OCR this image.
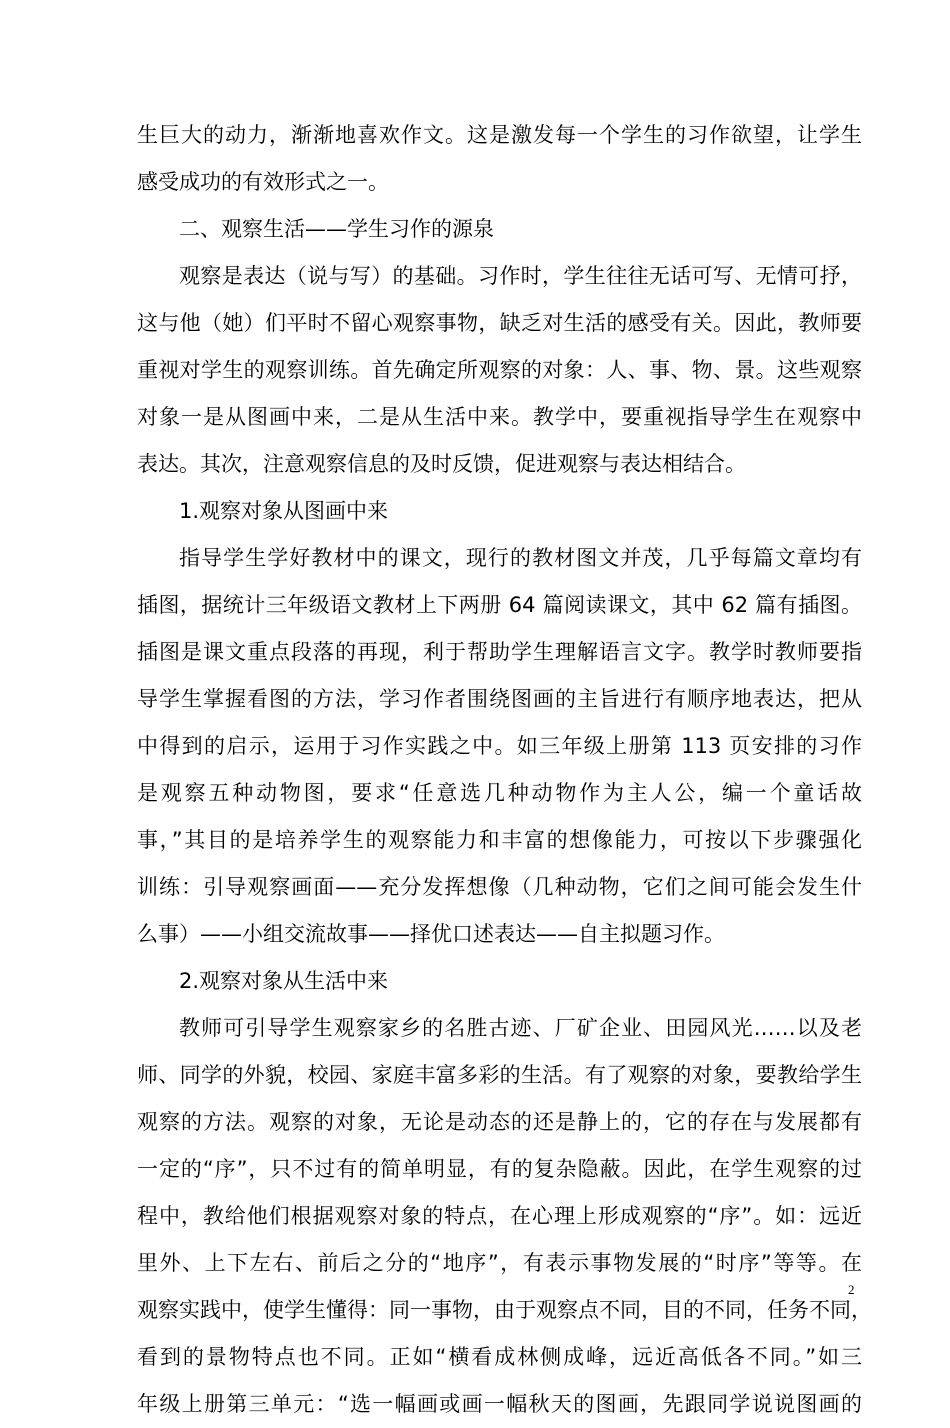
生巨大的动力，渐渐地喜欢作文。这是激发每一个学生的习作欲望，让学生
感受成功的有效形式之一。
二、观察生活——学生习作的源泉
观察是表达（说与写）的基础。习作时，学生往往无话可写、无情可抒，
这与他（她）们平时不留心观察事物，缺乏对生活的感受有关。因此，教师要
重视对学生的观察训练。首先确定所观察的对象：人、事、物、景。这些观察
对象一是从图画中来，二是从生活中来。教学中，要重视指导学生在观察中
表达。其次，注意观察信息的及时反馈，促进观察与表达相结合。
1.观察对象从图画中来
指导学生学好教材中的课文，现行的教材图文并茂，几乎每篇文章均有
插图，据统计三年级语文教材上下两册 64 篇阅读课文，其中 62 篇有插图。
插图是课文重点段落的再现，利于帮助学生理解语言文字。教学时教师要指
导学生掌握看图的方法，学习作者围绕图画的主旨进行有顺序地表达，把从
中得到的启示，运用于习作实践之中。如三年级上册第 113 页安排的习作
是观察五种动物图，要求“任意选几种动物作为主人公，编一个童话故
事，”其目的是培养学生的观察能力和丰富的想像能力，可按以下步骤强化
训练：引导观察画面——充分发挥想像（几种动物，它们之间可能会发生什
么事）——小组交流故事——择优口述表达——自主拟题习作。
2.观察对象从生活中来
教师可引导学生观察家乡的名胜古迹、厂矿企业、田园风光……以及老
师、同学的外貌，校园、家庭丰富多彩的生活。有了观察的对象，要教给学生
观察的方法。观察的对象，无论是动态的还是静上的，它的存在与发展都有
一定的“序”，只不过有的简单明显，有的复杂隐蔽。因此，在学生观察的过
程中，教给他们根据观察对象的特点，在心理上形成观察的“序”。如：远近
里外、上下左右、前后之分的“地序”，有表示事物发展的“时序”等等。在
观察实践中，使学生懂得：同一事物，由于观察点不同，目的不同，任务不同，
看到的景物特点也不同。正如“横看成林侧成峰，远近高低各不同。”如三
年级上册第三单元：“选一幅画或画一幅秋天的图画，先跟同学说说图画的
2
